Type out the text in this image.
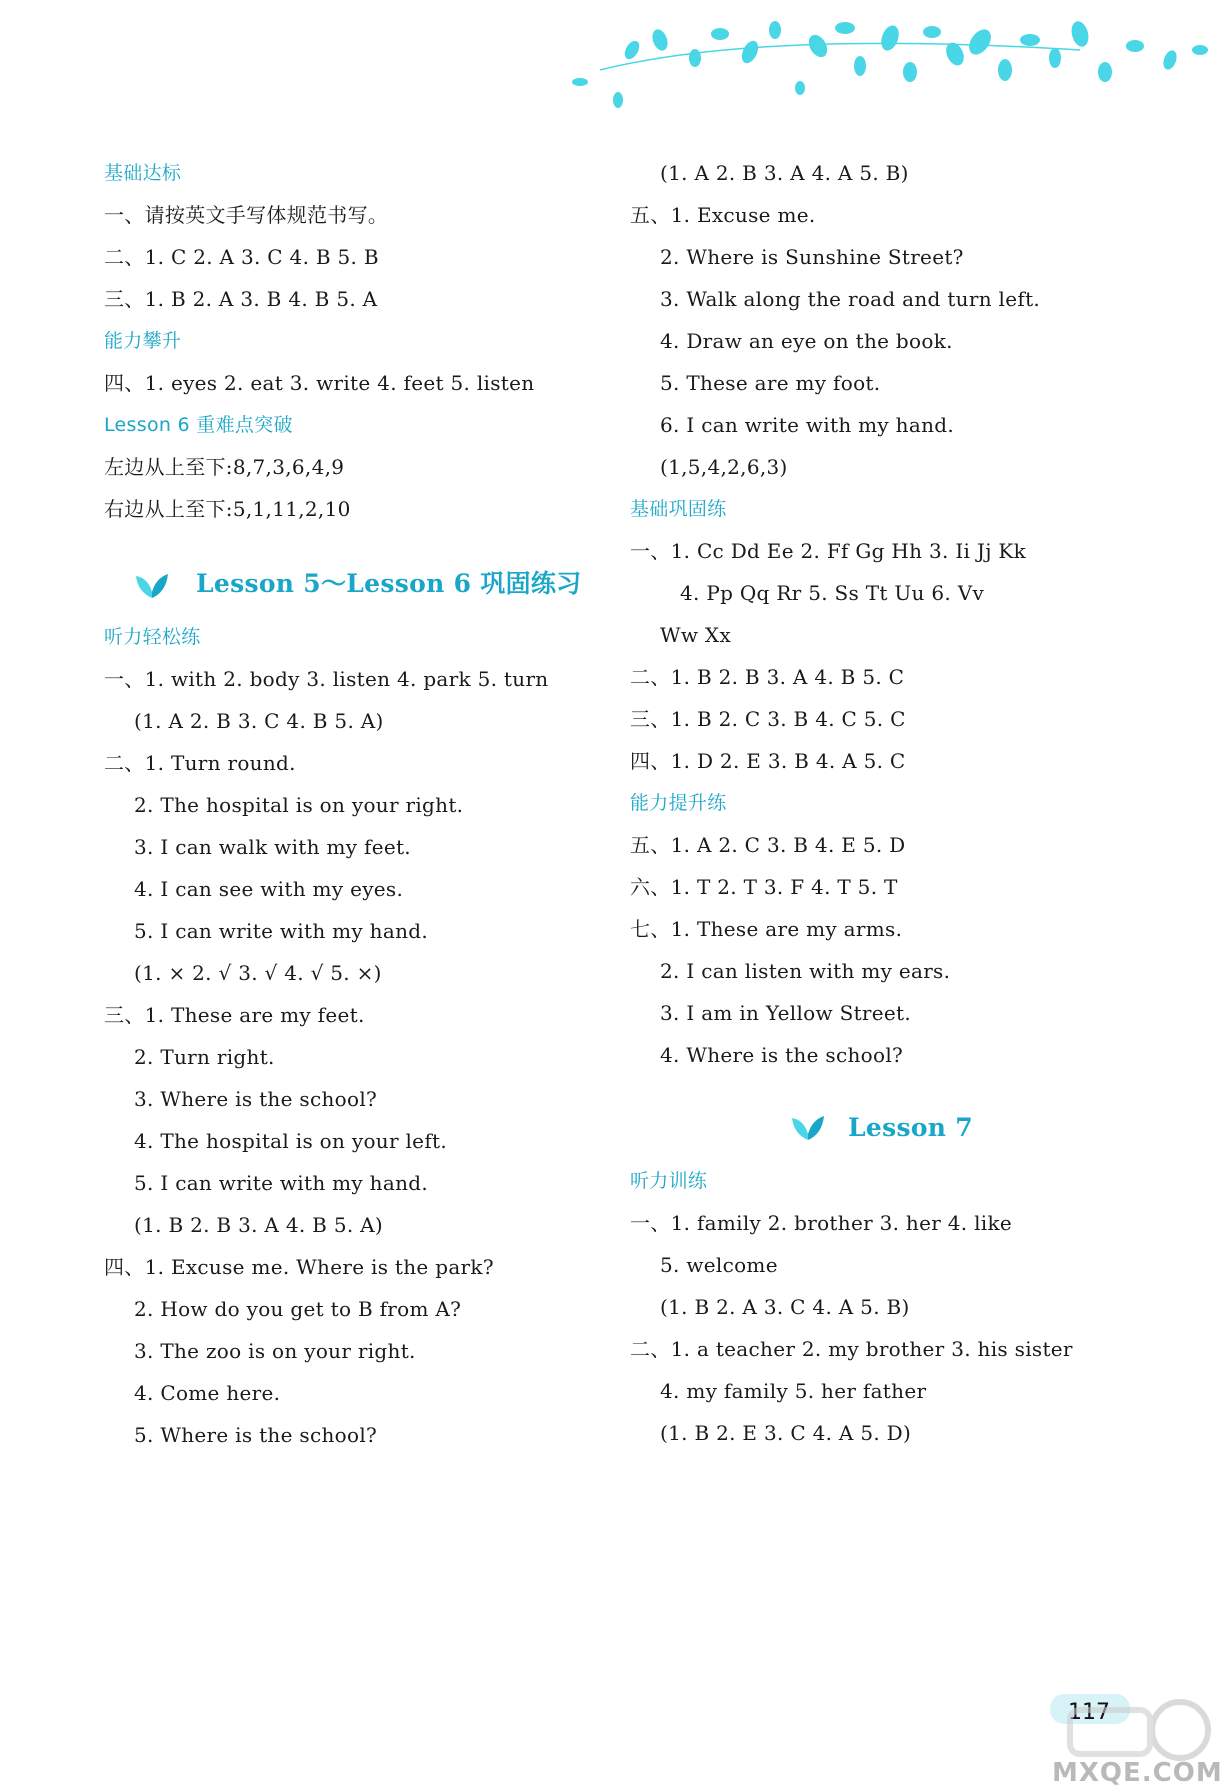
基础达标
一、请按英文手写体规范书写。
二、1. C 2. A 3. C 4. B 5. B
三、1. B 2. A 3. B 4. B 5. A
能力攀升
四、1. eyes 2. eat 3. write 4. feet 5. listen
Lesson 6 重难点突破
左边从上至下:8,7,3,6,4,9
右边从上至下:5,1,11,2,10
Lesson 5～Lesson 6 巩固练习
听力轻松练
一、1. with 2. body 3. listen 4. park 5. turn
(1. A 2. B 3. C 4. B 5. A)
二、1. Turn round.
2. The hospital is on your right.
3. I can walk with my feet.
4. I can see with my eyes.
5. I can write with my hand.
(1. × 2. √ 3. √ 4. √ 5. ×)
三、1. These are my feet.
2. Turn right.
3. Where is the school?
4. The hospital is on your left.
5. I can write with my hand.
(1. B 2. B 3. A 4. B 5. A)
四、1. Excuse me. Where is the park?
2. How do you get to B from A?
3. The zoo is on your right.
4. Come here.
5. Where is the school?
(1. A 2. B 3. A 4. A 5. B)
五、1. Excuse me.
2. Where is Sunshine Street?
3. Walk along the road and turn left.
4. Draw an eye on the book.
5. These are my foot.
6. I can write with my hand.
(1,5,4,2,6,3)
基础巩固练
一、1. Cc Dd Ee 2. Ff Gg Hh 3. Ii Jj Kk
4. Pp Qq Rr 5. Ss Tt Uu 6. Vv
Ww Xx
二、1. B 2. B 3. A 4. B 5. C
三、1. B 2. C 3. B 4. C 5. C
四、1. D 2. E 3. B 4. A 5. C
能力提升练
五、1. A 2. C 3. B 4. E 5. D
六、1. T 2. T 3. F 4. T 5. T
七、1. These are my arms.
2. I can listen with my ears.
3. I am in Yellow Street.
4. Where is the school?
Lesson 7
听力训练
一、1. family 2. brother 3. her 4. like
5. welcome
(1. B 2. A 3. C 4. A 5. B)
二、1. a teacher 2. my brother 3. his sister
4. my family 5. her father
(1. B 2. E 3. C 4. A 5. D)
117
MXQE.COM
